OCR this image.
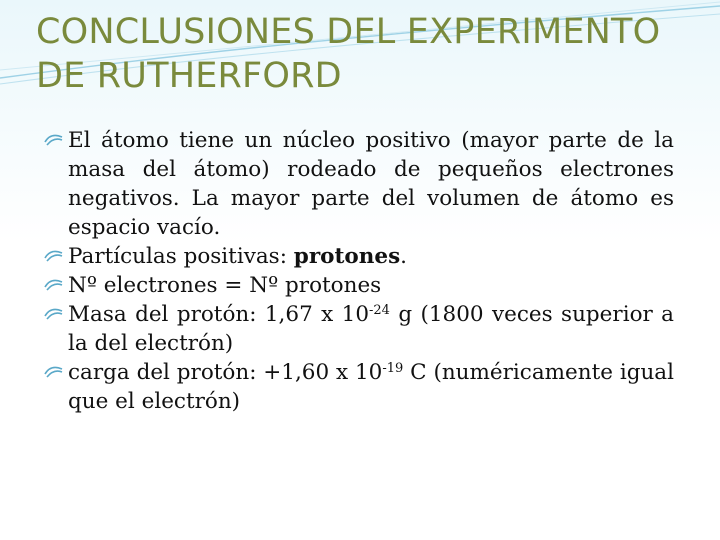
CONCLUSIONES DEL EXPERIMENTO DE RUTHERFORD
El átomo tiene un núcleo positivo (mayor parte de la masa del átomo) rodeado de pequeños electrones negativos. La mayor parte del volumen de átomo es espacio vacío.
Partículas positivas: protones.
Nº electrones = Nº protones
Masa del protón: 1,67 x $10^{-24}$ g (1800 veces superior a la del electrón)
carga del protón: +1,60 x $10^{-19}$ C (numéricamente igual que el electrón)
